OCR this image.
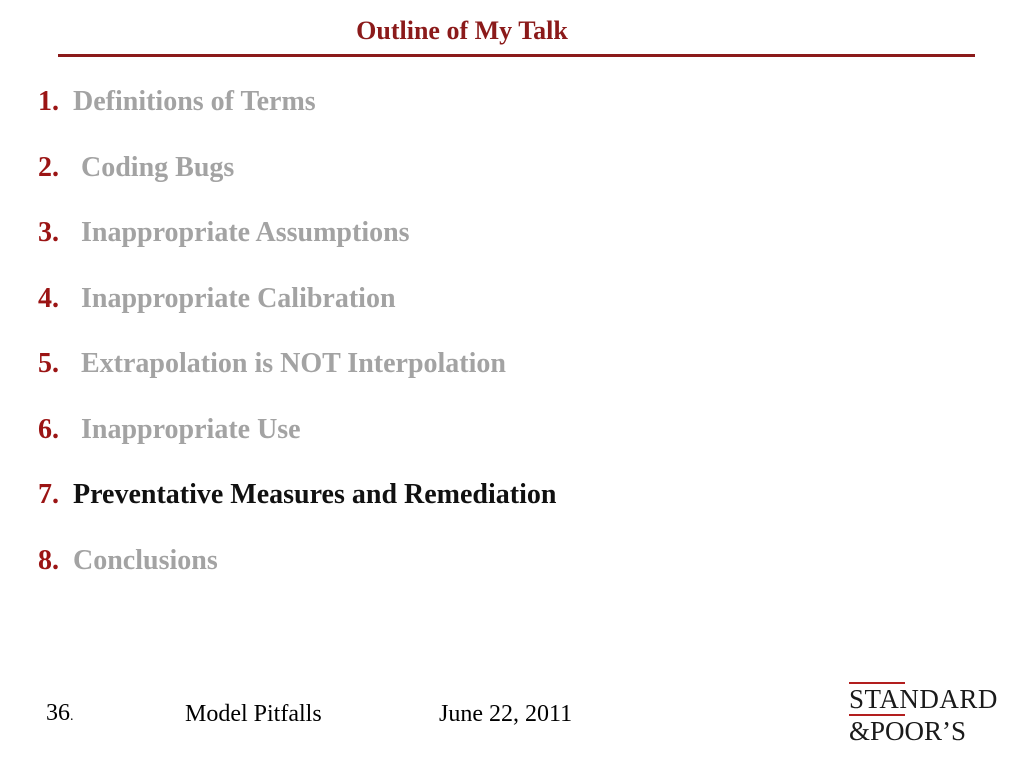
Outline of My Talk
1. Definitions of Terms
2. Coding Bugs
3. Inappropriate Assumptions
4. Inappropriate Calibration
5. Extrapolation is NOT Interpolation
6. Inappropriate Use
7. Preventative Measures and Remediation
8. Conclusions
36.	Model Pitfalls	June 22, 2011	STANDARD
&POOR’S
